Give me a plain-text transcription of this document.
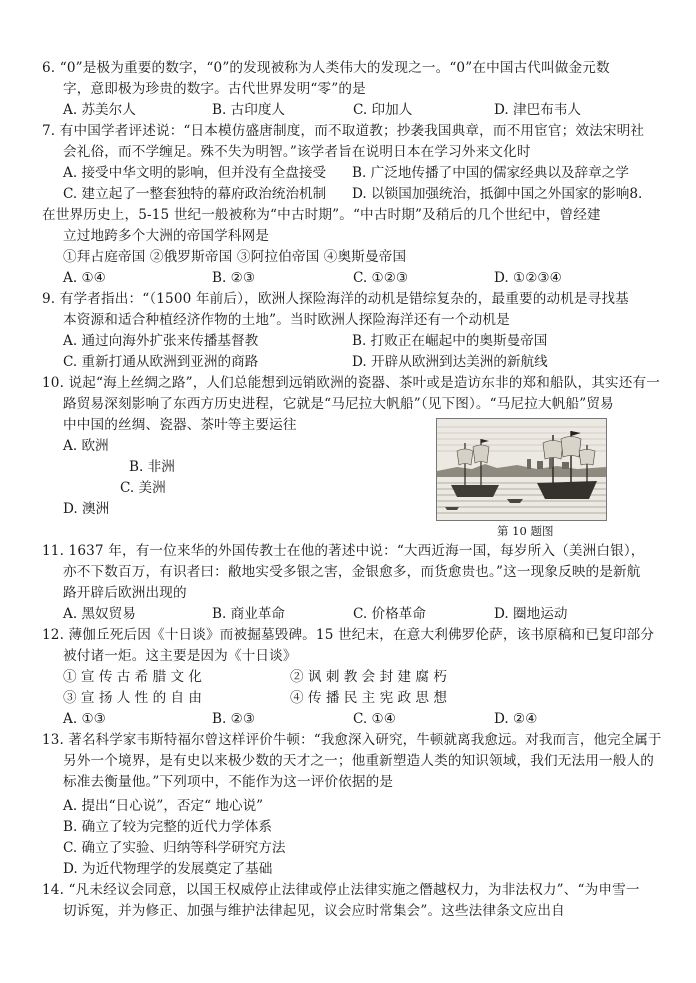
6. “0”是极为重要的数字，“0”的发现被称为人类伟大的发现之一。“0”在中国古代叫做金元数
字，意即极为珍贵的数字。古代世界发明“零”的是
A. 苏美尔人	B. 古印度人	C. 印加人	D. 津巴布韦人
7. 有中国学者评述说：“日本模仿盛唐制度，而不取道教；抄袭我国典章，而不用宦官；效法宋明社
会礼俗，而不学缠足。殊不失为明智。”该学者旨在说明日本在学习外来文化时
A. 接受中华文明的影响，但并没有全盘接受 B. 广泛地传播了中国的儒家经典以及辞章之学
C. 建立起了一整套独特的幕府政治统治机制 D. 以锁国加强统治，抵御中国之外国家的影响8.
在世界历史上，5-15 世纪一般被称为“中古时期”。“中古时期”及稍后的几个世纪中，曾经建
立过地跨多个大洲的帝国学科网是
①拜占庭帝国 ②俄罗斯帝国 ③阿拉伯帝国 ④奥斯曼帝国
A. ①④	B. ②③	C. ①②③	D. ①②③④
9. 有学者指出：“（1500 年前后），欧洲人探险海洋的动机是错综复杂的，最重要的动机是寻找基
本资源和适合种植经济作物的土地”。当时欧洲人探险海洋还有一个动机是
A. 通过向海外扩张来传播基督教	B. 打败正在崛起中的奥斯曼帝国
C. 重新打通从欧洲到亚洲的商路	D. 开辟从欧洲到达美洲的新航线
10. 说起“海上丝绸之路”，人们总能想到远销欧洲的瓷器、茶叶或是造访东非的郑和船队，其实还有一
路贸易深刻影响了东西方历史进程，它就是“马尼拉大帆船”（见下图）。“马尼拉大帆船”贸易
中中国的丝绸、瓷器、茶叶等主要运往
A. 欧洲
B. 非洲
C. 美洲
D. 澳洲
第 10 题图
11. 1637 年，有一位来华的外国传教士在他的著述中说：“大西近海一国，每岁所入（美洲白银），
亦不下数百万，有识者曰：敝地实受多银之害，金银愈多，而货愈贵也。”这一现象反映的是新航
路开辟后欧洲出现的
A. 黑奴贸易	B. 商业革命	C. 价格革命	D. 圈地运动
12. 薄伽丘死后因《十日谈》而被掘墓毁碑。15 世纪末，在意大利佛罗伦萨，该书原稿和已复印部分
被付诸一炬。这主要是因为《十日谈》
① 宣 传 古 希 腊 文 化	② 讽 刺 教 会 封 建 腐 朽
③ 宣 扬 人 性 的 自 由	④ 传 播 民 主 宪 政 思 想
A. ①③	B. ②③	C. ①④	D. ②④
13. 著名科学家韦斯特福尔曾这样评价牛顿：“我愈深入研究，牛顿就离我愈远。对我而言，他完全属于
另外一个境界，是有史以来极少数的天才之一；他重新塑造人类的知识领域，我们无法用一般人的
标准去衡量他。”下列项中，不能作为这一评价依据的是
A. 提出“日心说”，否定“ 地心说”
B. 确立了较为完整的近代力学体系
C. 确立了实验、归纳等科学研究方法
D. 为近代物理学的发展奠定了基础
14. “凡未经议会同意，以国王权威停止法律或停止法律实施之僭越权力，为非法权力”、“为申雪一
切诉冤，并为修正、加强与维护法律起见，议会应时常集会”。这些法律条文应出自
